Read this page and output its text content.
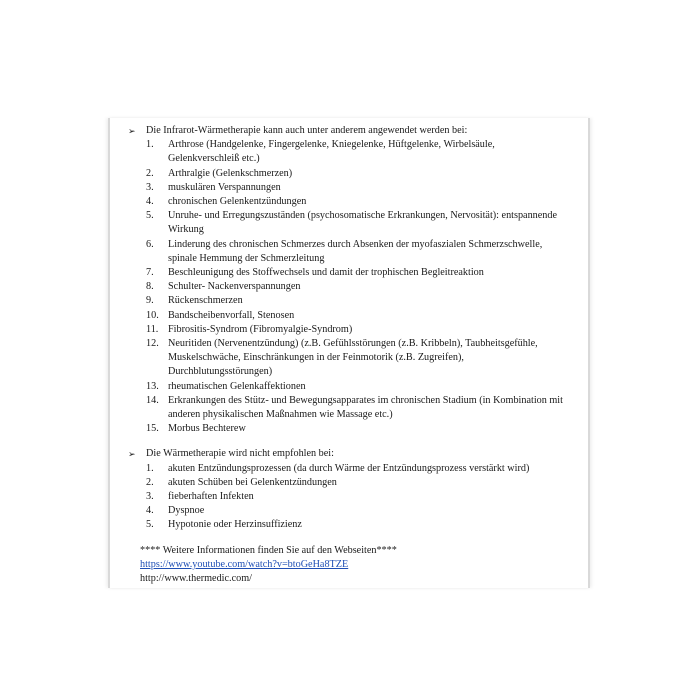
➢	Die Infrarot-Wärmetherapie kann auch unter anderem angewendet werden bei:
1.	Arthrose (Handgelenke, Fingergelenke, Kniegelenke, Hüftgelenke, Wirbelsäule, Gelenkverschleiß etc.)
2.	Arthralgie (Gelenkschmerzen)
3.	muskulären Verspannungen
4.	chronischen Gelenkentzündungen
5.	Unruhe- und Erregungszuständen (psychosomatische Erkrankungen, Nervosität): entspannende Wirkung
6.	Linderung des chronischen Schmerzes durch Absenken der myofaszialen Schmerzschwelle, spinale Hemmung der Schmerzleitung
7.	Beschleunigung des Stoffwechsels und damit der trophischen Begleitreaktion
8.	Schulter- Nackenverspannungen
9.	Rückenschmerzen
10. Bandscheibenvorfall, Stenosen
11. Fibrositis-Syndrom (Fibromyalgie-Syndrom)
12. Neuritiden (Nervenentzündung) (z.B. Gefühlsstörungen (z.B. Kribbeln), Taubheitsgefühle, Muskelschwäche, Einschränkungen in der Feinmotorik (z.B. Zugreifen), Durchblutungsstörungen)
13. rheumatischen Gelenkaffektionen
14. Erkrankungen des Stütz- und Bewegungsapparates im chronischen Stadium (in Kombination mit anderen physikalischen Maßnahmen wie Massage etc.)
15. Morbus Bechterew
➢	Die Wärmetherapie wird nicht empfohlen bei:
1.	akuten Entzündungsprozessen (da durch Wärme der Entzündungsprozess verstärkt wird)
2.	akuten Schüben bei Gelenkentzündungen
3.	fieberhaften Infekten
4.	Dyspnoe
5.	Hypotonie oder Herzinsuffizienz
**** Weitere Informationen finden Sie auf den Webseiten****
https://www.youtube.com/watch?v=btoGeHa8TZE
http://www.thermedic.com/
